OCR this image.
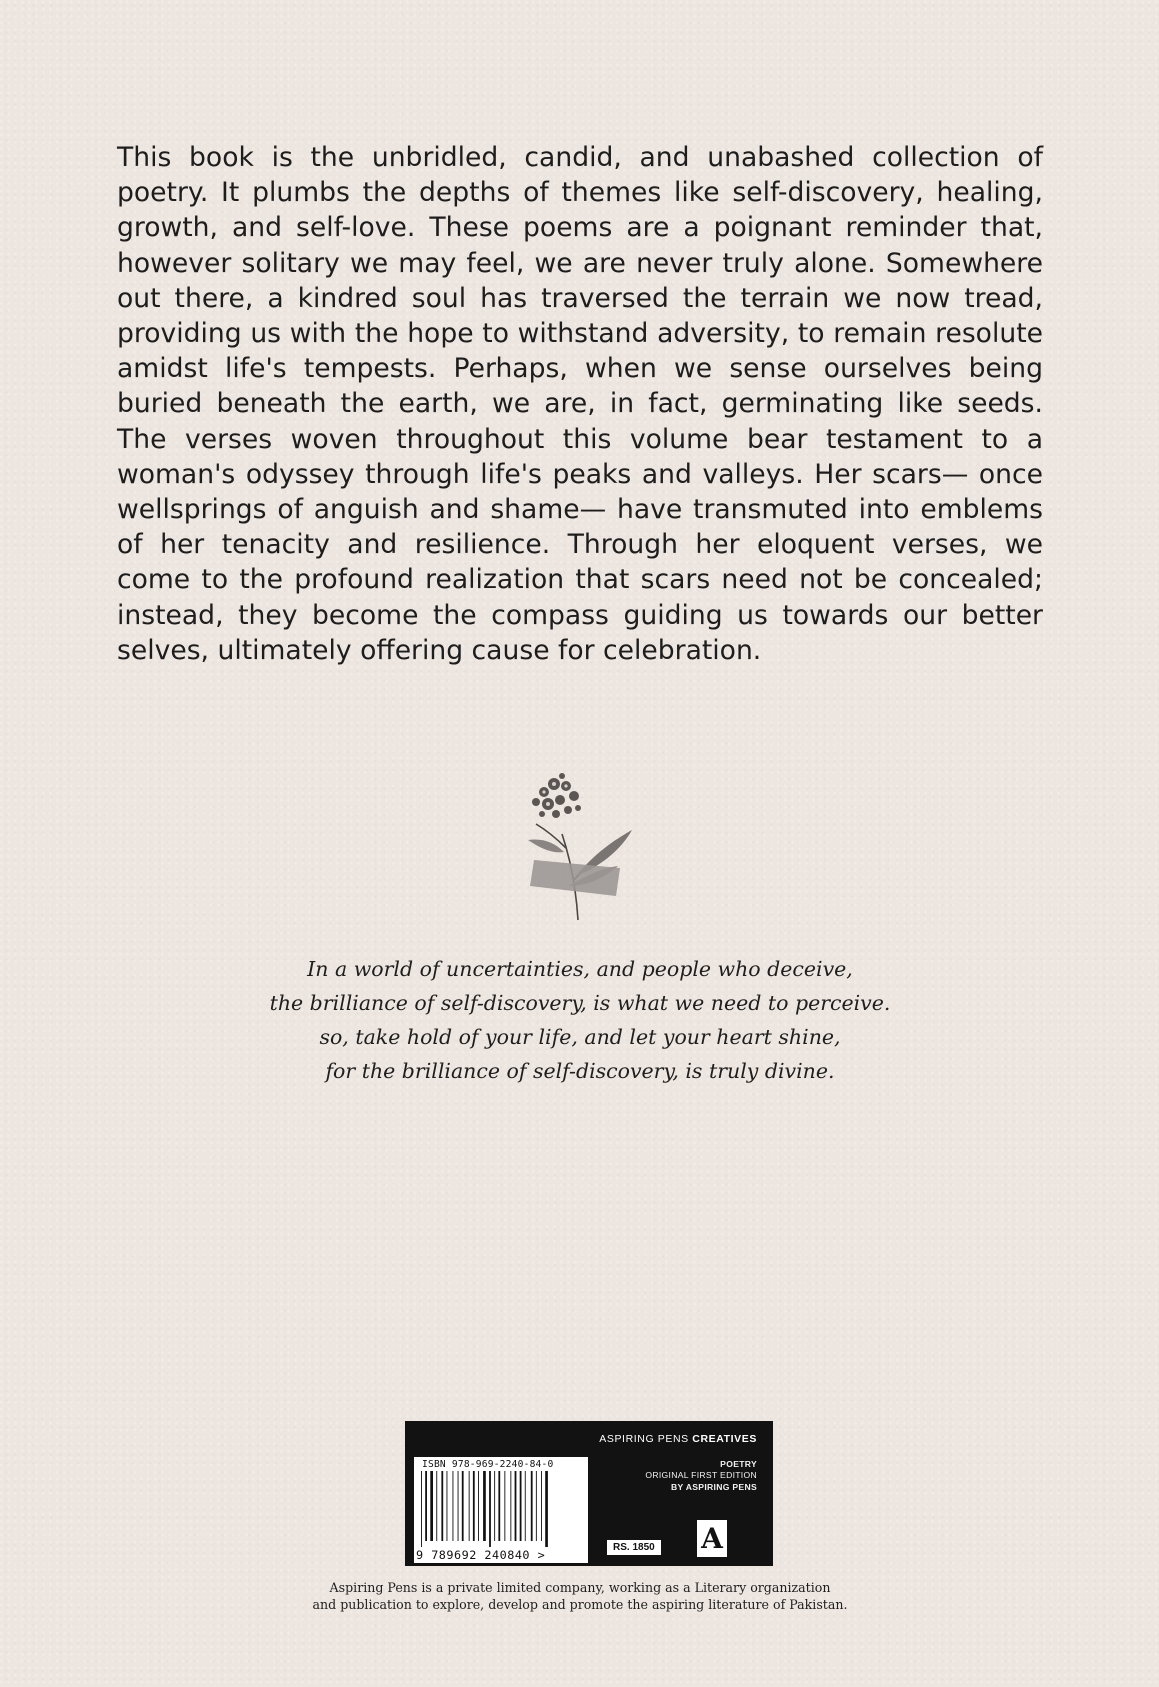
This book is the unbridled, candid, and unabashed collection of poetry. It plumbs the depths of themes like self-discovery, healing, growth, and self-love. These poems are a poignant reminder that, however solitary we may feel, we are never truly alone. Somewhere out there, a kindred soul has traversed the terrain we now tread, providing us with the hope to withstand adversity, to remain resolute amidst life's tempests. Perhaps, when we sense ourselves being buried beneath the earth, we are, in fact, germinating like seeds. The verses woven throughout this volume bear testament to a woman's odyssey through life's peaks and valleys. Her scars— once wellsprings of anguish and shame— have transmuted into emblems of her tenacity and resilience. Through her eloquent verses, we come to the profound realization that scars need not be concealed; instead, they become the compass guiding us towards our better selves, ultimately offering cause for celebration.

In a world of uncertainties, and people who deceive,
the brilliance of self-discovery, is what we need to perceive.
so, take hold of your life, and let your heart shine,
for the brilliance of self-discovery, is truly divine.
ASPIRING PENS CREATIVES
POETRY
ORIGINAL FIRST EDITION
BY ASPIRING PENS
A
ISBN 978-969-2240-84-0
9 789692 240840 >
RS. 1850
Aspiring Pens is a private limited company, working as a Literary organization
and publication to explore, develop and promote the aspiring literature of Pakistan.
